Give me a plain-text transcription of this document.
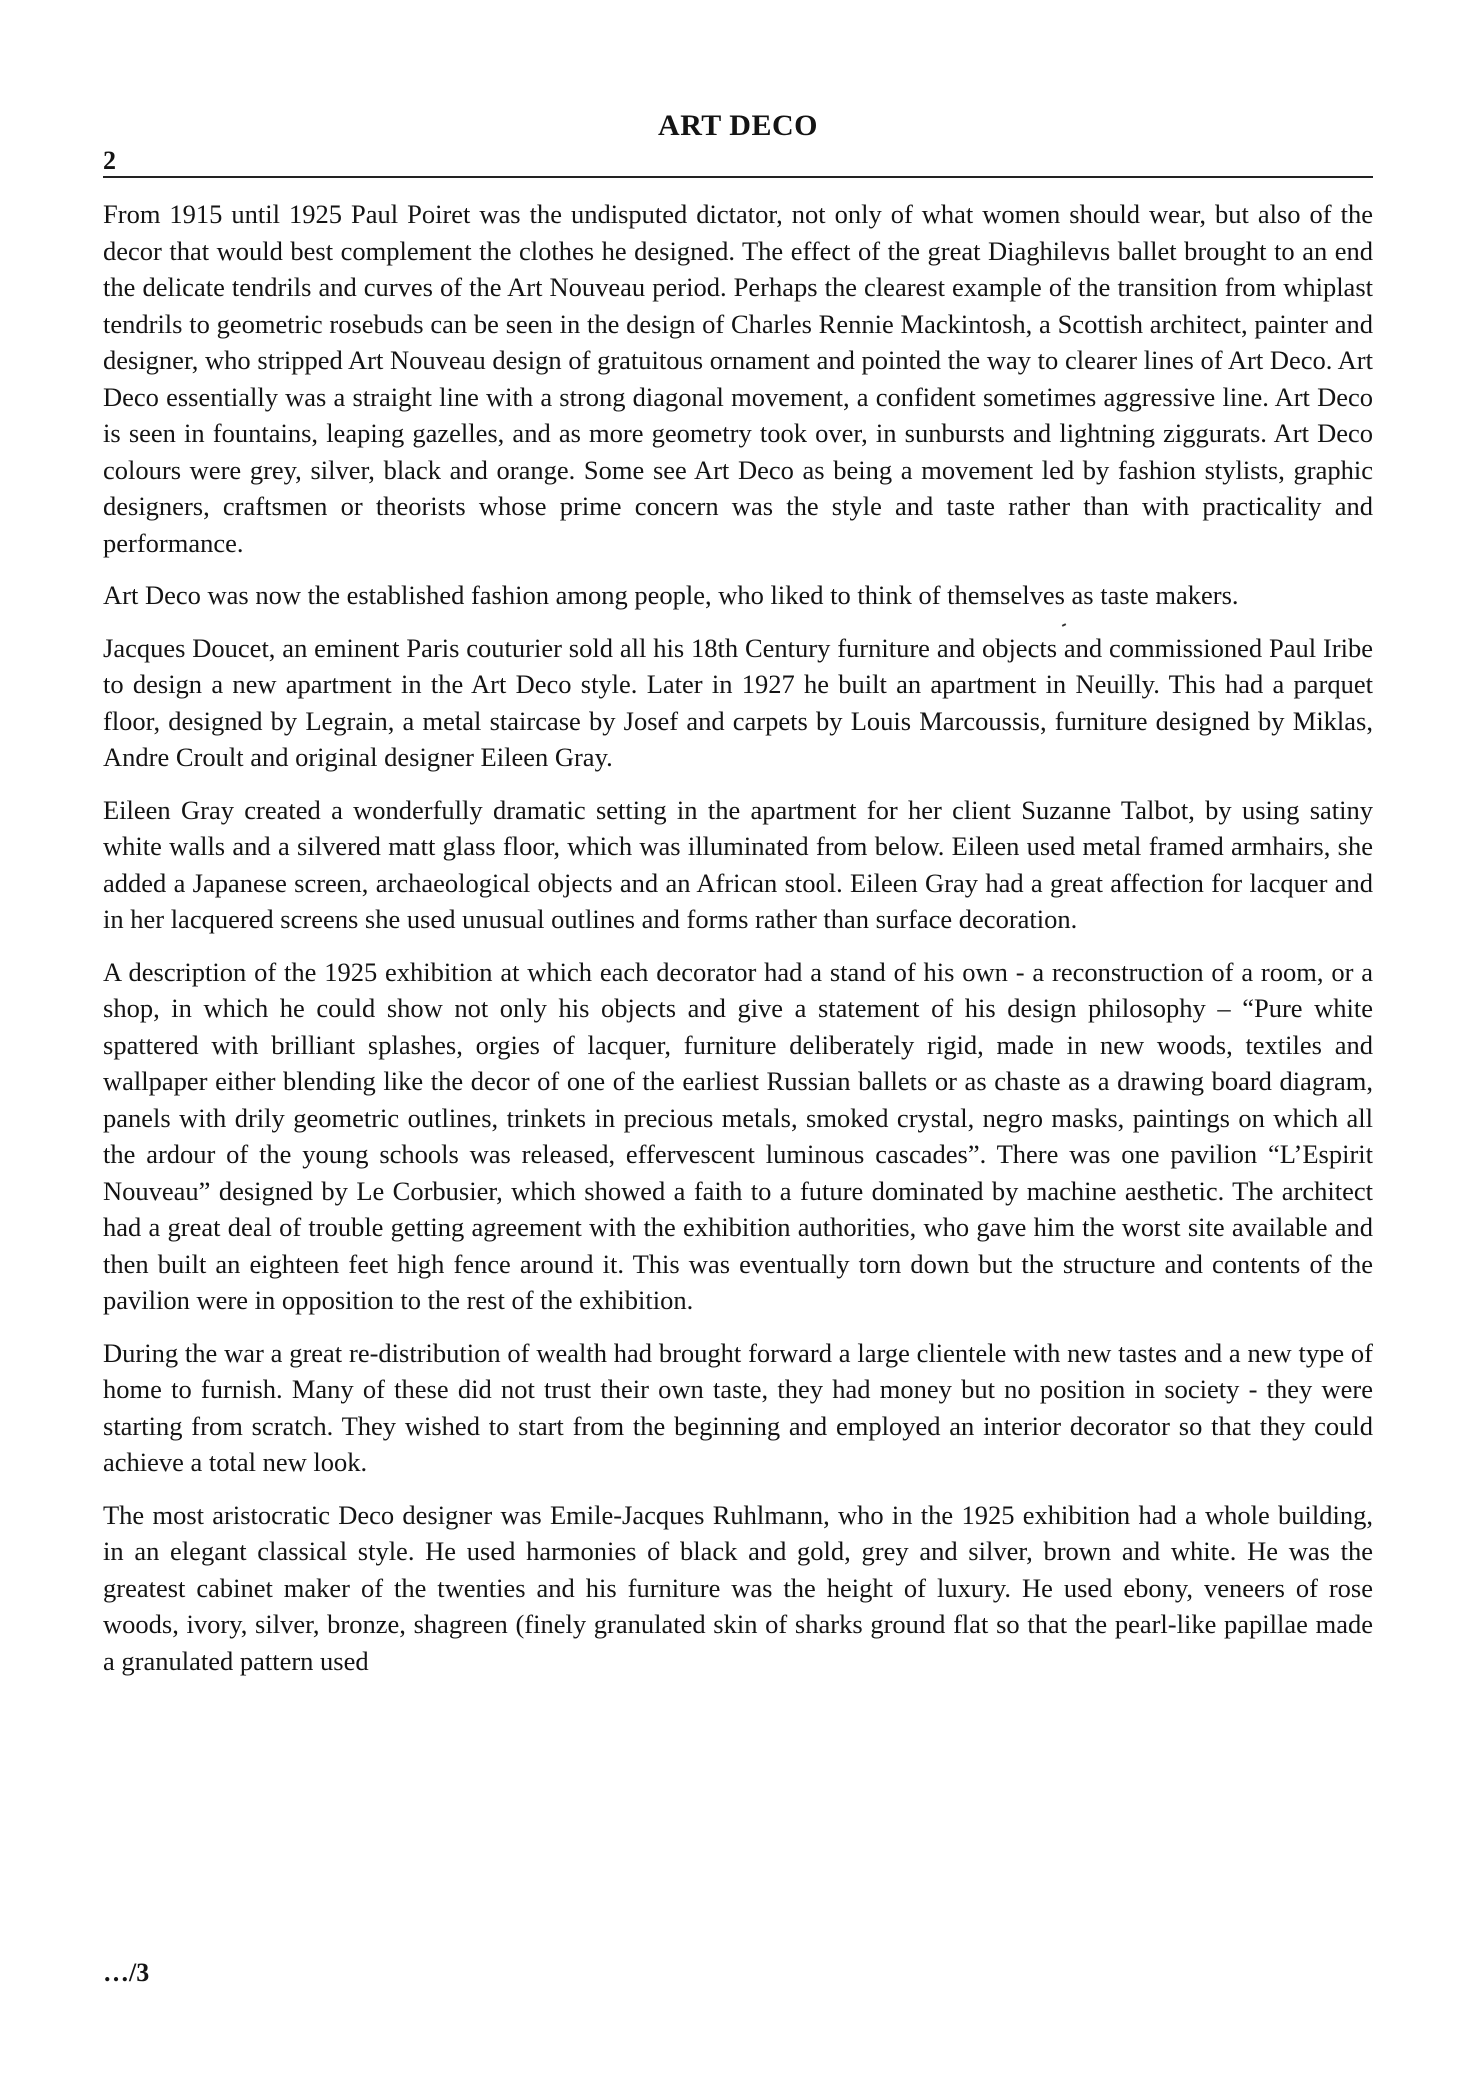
ART DECO
2

From 1915 until 1925 Paul Poiret was the undisputed dictator, not only of what women should wear, but also of the decor that would best complement the clothes he designed. The effect of the great Diaghilevıs ballet brought to an end the delicate tendrils and curves of the Art Nouveau period. Perhaps the clearest example of the transition from whiplast tendrils to geometric rosebuds can be seen in the design of Charles Rennie Mackintosh, a Scottish architect, painter and designer, who stripped Art Nouveau design of gratuitous ornament and pointed the way to clearer lines of Art Deco. Art Deco essentially was a straight line with a strong diagonal movement, a confident sometimes aggressive line. Art Deco is seen in fountains, leaping gazelles, and as more geometry took over, in sunbursts and lightning ziggurats. Art Deco colours were grey, silver, black and orange. Some see Art Deco as being a movement led by fashion stylists, graphic designers, craftsmen or theorists whose prime concern was the style and taste rather than with practicality and performance.

Art Deco was now the established fashion among people, who liked to think of themselves as taste makers.

Jacques Doucet, an eminent Paris couturier sold all his 18th Century furniture and objects and commissioned Paul Iribe to design a new apartment in the Art Deco style. Later in 1927 he built an apartment in Neuilly. This had a parquet floor, designed by Legrain, a metal staircase by Josef and carpets by Louis Marcoussis, furniture designed by Miklas, Andre Croult and original designer Eileen Gray.

Eileen Gray created a wonderfully dramatic setting in the apartment for her client Suzanne Talbot, by using satiny white walls and a silvered matt glass floor, which was illuminated from below. Eileen used metal framed armhairs, she added a Japanese screen, archaeological objects and an African stool. Eileen Gray had a great affection for lacquer and in her lacquered screens she used unusual outlines and forms rather than surface decoration.

A description of the 1925 exhibition at which each decorator had a stand of his own - a reconstruction of a room, or a shop, in which he could show not only his objects and give a statement of his design philosophy – “Pure white spattered with brilliant splashes, orgies of lacquer, furniture deliberately rigid, made in new woods, textiles and wallpaper either blending like the decor of one of the earliest Russian ballets or as chaste as a drawing board diagram, panels with drily geometric outlines, trinkets in precious metals, smoked crystal, negro masks, paintings on which all the ardour of the young schools was released, effervescent luminous cascades”. There was one pavilion “L’Espirit Nouveau” designed by Le Corbusier, which showed a faith to a future dominated by machine aesthetic. The architect had a great deal of trouble getting agreement with the exhibition authorities, who gave him the worst site available and then built an eighteen feet high fence around it. This was eventually torn down but the structure and contents of the pavilion were in opposition to the rest of the exhibition.

During the war a great re-distribution of wealth had brought forward a large clientele with new tastes and a new type of home to furnish. Many of these did not trust their own taste, they had money but no position in society - they were starting from scratch. They wished to start from the beginning and employed an interior decorator so that they could achieve a total new look.

The most aristocratic Deco designer was Emile-Jacques Ruhlmann, who in the 1925 exhibition had a whole building, in an elegant classical style. He used harmonies of black and gold, grey and silver, brown and white. He was the greatest cabinet maker of the twenties and his furniture was the height of luxury. He used ebony, veneers of rose woods, ivory, silver, bronze, shagreen (finely granulated skin of sharks ground flat so that the pearl-like papillae made a granulated pattern used

…/3
